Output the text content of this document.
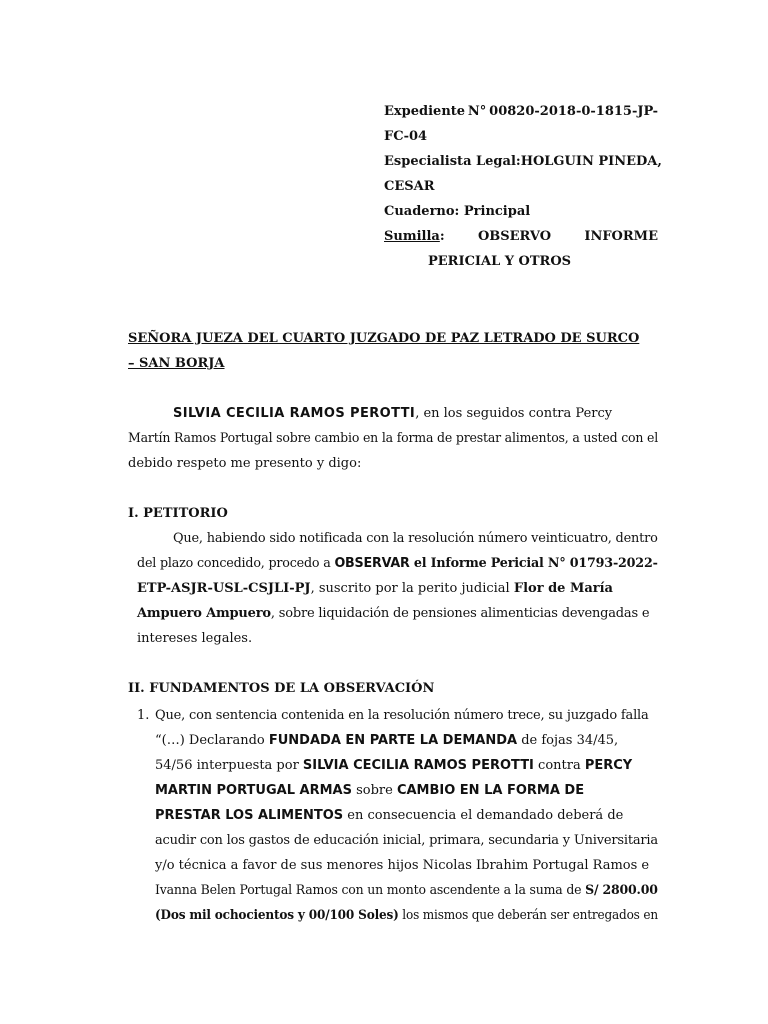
Expediente N° 00820-2018-0-1815-JP-

FC-04

Especialista Legal: HOLGUIN PINEDA,

CESAR

Cuaderno: Principal

Sumilla:	OBSERVO	INFORME

PERICIAL Y OTROS

SEÑORA JUEZA DEL CUARTO JUZGADO DE PAZ LETRADO DE SURCO

– SAN BORJA

SILVIA CECILIA RAMOS PEROTTI, en los seguidos contra Percy

Martín Ramos Portugal sobre cambio en la forma de prestar alimentos, a usted con el

debido respeto me presento y digo:

I. PETITORIO

Que, habiendo sido notificada con la resolución número veinticuatro, dentro

del plazo concedido, procedo a OBSERVAR el Informe Pericial N° 01793-2022-

ETP-ASJR-USL-CSJLI-PJ, suscrito por la perito judicial Flor de María

Ampuero Ampuero, sobre liquidación de pensiones alimenticias devengadas e

intereses legales.

II. FUNDAMENTOS DE LA OBSERVACIÓN

1. Que, con sentencia contenida en la resolución número trece, su juzgado falla

“(…) Declarando FUNDADA EN PARTE LA DEMANDA de fojas 34/45,

54/56 interpuesta por SILVIA CECILIA RAMOS PEROTTI contra PERCY

MARTIN PORTUGAL ARMAS sobre CAMBIO EN LA FORMA DE

PRESTAR LOS ALIMENTOS en consecuencia el demandado deberá de

acudir con los gastos de educación inicial, primara, secundaria y Universitaria

y/o técnica a favor de sus menores hijos Nicolas Ibrahim Portugal Ramos e

Ivanna Belen Portugal Ramos con un monto ascendente a la suma de S/ 2800.00

(Dos mil ochocientos y 00/100 Soles) los mismos que deberán ser entregados en
